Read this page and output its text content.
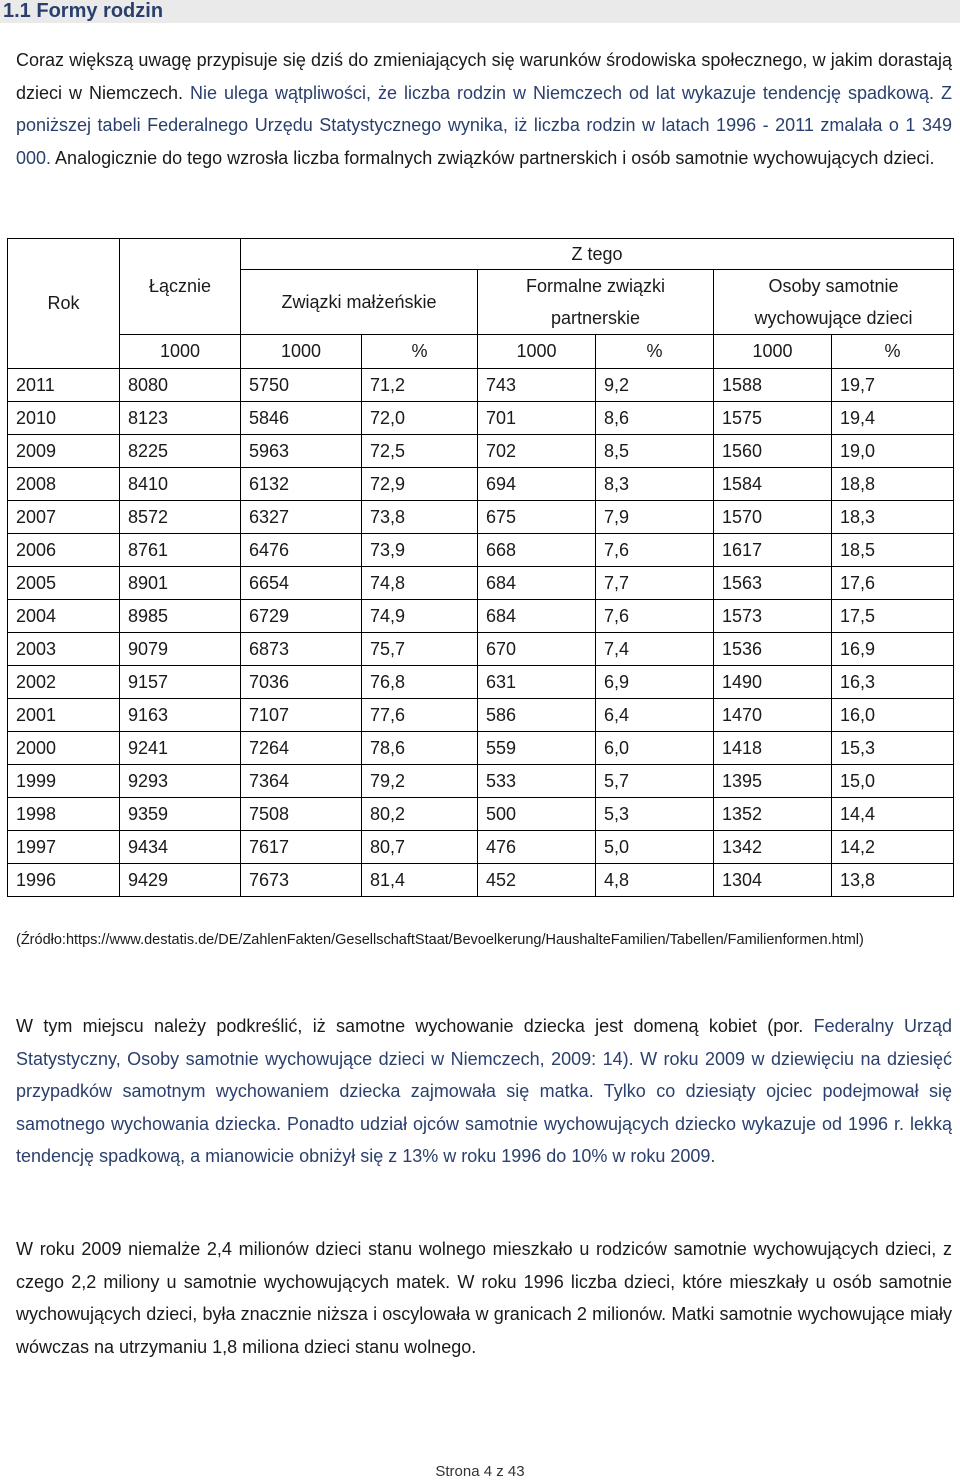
1.1 Formy rodzin

Coraz większą uwagę przypisuje się dziś do zmieniających się warunków środowiska społecznego, w jakim dorastają dzieci w Niemczech. Nie ulega wątpliwości, że liczba rodzin w Niemczech od lat wykazuje tendencję spadkową. Z poniższej tabeli Federalnego Urzędu Statystycznego wynika, iż liczba rodzin w latach 1996 - 2011 zmalała o 1 349 000. Analogicznie do tego wzrosła liczba formalnych związków partnerskich i osób samotnie wychowujących dzieci.

Rok	Łącznie	Z tego					
		Związki małżeńskie		Formalne związki partnerskie		Osoby samotnie wychowujące dzieci	
	1000	1000	%	1000	%	1000	%
2011	8080	5750	71,2	743	9,2	1588	19,7
2010	8123	5846	72,0	701	8,6	1575	19,4
2009	8225	5963	72,5	702	8,5	1560	19,0
2008	8410	6132	72,9	694	8,3	1584	18,8
2007	8572	6327	73,8	675	7,9	1570	18,3
2006	8761	6476	73,9	668	7,6	1617	18,5
2005	8901	6654	74,8	684	7,7	1563	17,6
2004	8985	6729	74,9	684	7,6	1573	17,5
2003	9079	6873	75,7	670	7,4	1536	16,9
2002	9157	7036	76,8	631	6,9	1490	16,3
2001	9163	7107	77,6	586	6,4	1470	16,0
2000	9241	7264	78,6	559	6,0	1418	15,3
1999	9293	7364	79,2	533	5,7	1395	15,0
1998	9359	7508	80,2	500	5,3	1352	14,4
1997	9434	7617	80,7	476	5,0	1342	14,2
1996	9429	7673	81,4	452	4,8	1304	13,8

(Źródło:https://www.destatis.de/DE/ZahlenFakten/GesellschaftStaat/Bevoelkerung/HaushalteFamilien/Tabellen/Familienformen.html)

W tym miejscu należy podkreślić, iż samotne wychowanie dziecka jest domeną kobiet (por. Federalny Urząd Statystyczny, Osoby samotnie wychowujące dzieci w Niemczech, 2009: 14). W roku 2009 w dziewięciu na dziesięć przypadków samotnym wychowaniem dziecka zajmowała się matka. Tylko co dziesiąty ojciec podejmował się samotnego wychowania dziecka. Ponadto udział ojców samotnie wychowujących dziecko wykazuje od 1996 r. lekką tendencję spadkową, a mianowicie obniżył się z 13% w roku 1996 do 10% w roku 2009.

W roku 2009 niemalże 2,4 milionów dzieci stanu wolnego mieszkało u rodziców samotnie wychowujących dzieci, z czego 2,2 miliony u samotnie wychowujących matek. W roku 1996 liczba dzieci, które mieszkały u osób samotnie wychowujących dzieci, była znacznie niższa i oscylowała w granicach 2 milionów. Matki samotnie wychowujące miały wówczas na utrzymaniu 1,8 miliona dzieci stanu wolnego.

Strona 4 z 43
